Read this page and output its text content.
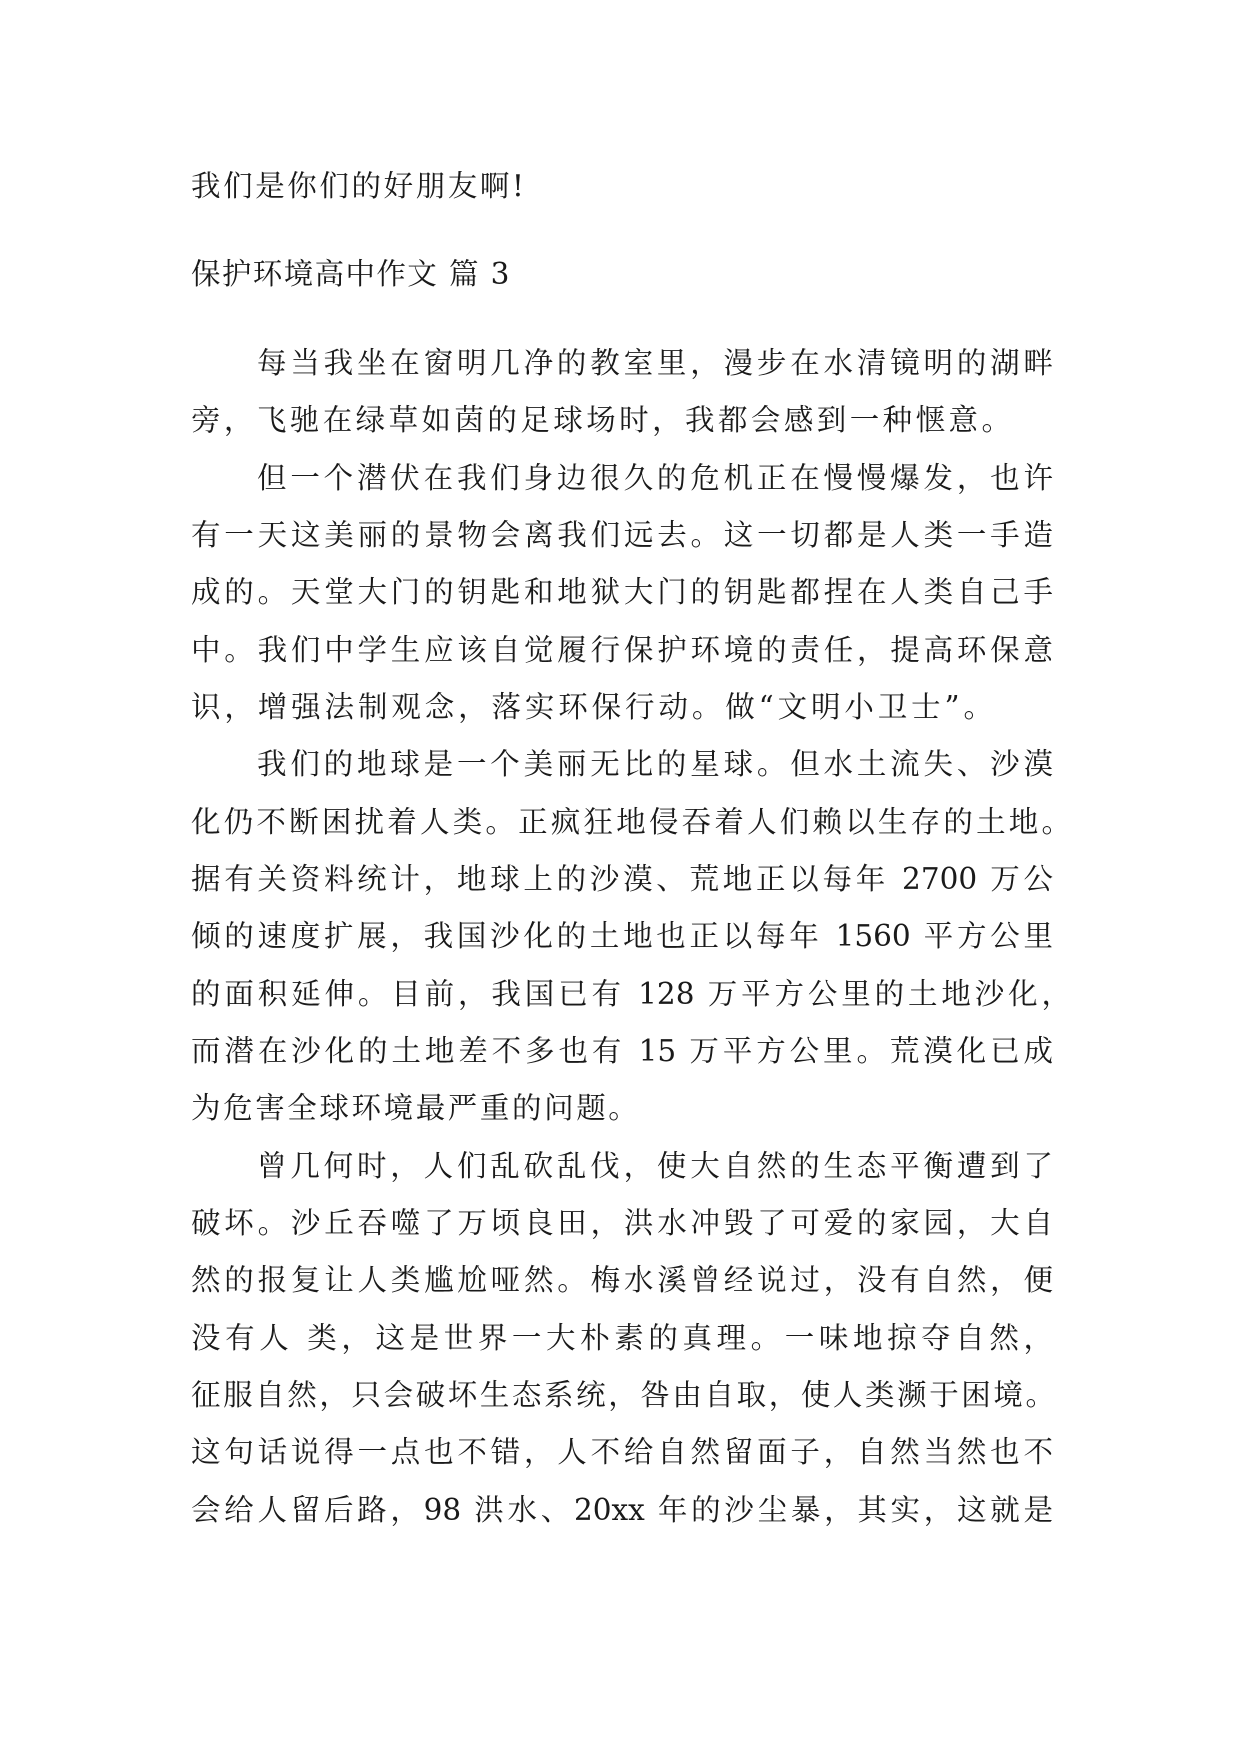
我们是你们的好朋友啊!

保护环境高中作文 篇 3

每当我坐在窗明几净的教室里，漫步在水清镜明的湖畔

旁，飞驰在绿草如茵的足球场时，我都会感到一种惬意。

但一个潜伏在我们身边很久的危机正在慢慢爆发，也许

有一天这美丽的景物会离我们远去。这一切都是人类一手造

成的。天堂大门的钥匙和地狱大门的钥匙都捏在人类自己手

中。我们中学生应该自觉履行保护环境的责任，提高环保意

识，增强法制观念，落实环保行动。做“文明小卫士”。

我们的地球是一个美丽无比的星球。但水土流失、沙漠

化仍不断困扰着人类。正疯狂地侵吞着人们赖以生存的土地。

据有关资料统计，地球上的沙漠、荒地正以每年 2700 万公

倾的速度扩展，我国沙化的土地也正以每年 1560 平方公里

的面积延伸。目前，我国已有 128 万平方公里的土地沙化，

而潜在沙化的土地差不多也有 15 万平方公里。荒漠化已成

为危害全球环境最严重的问题。

曾几何时，人们乱砍乱伐，使大自然的生态平衡遭到了

破坏。沙丘吞噬了万顷良田，洪水冲毁了可爱的家园，大自

然的报复让人类尴尬哑然。梅水溪曾经说过，没有自然，便

没有人 类，这是世界一大朴素的真理。一味地掠夺自然，

征服自然，只会破坏生态系统，咎由自取，使人类濒于困境。

这句话说得一点也不错，人不给自然留面子，自然当然也不

会给人留后路，98 洪水、20xx 年的沙尘暴，其实，这就是
